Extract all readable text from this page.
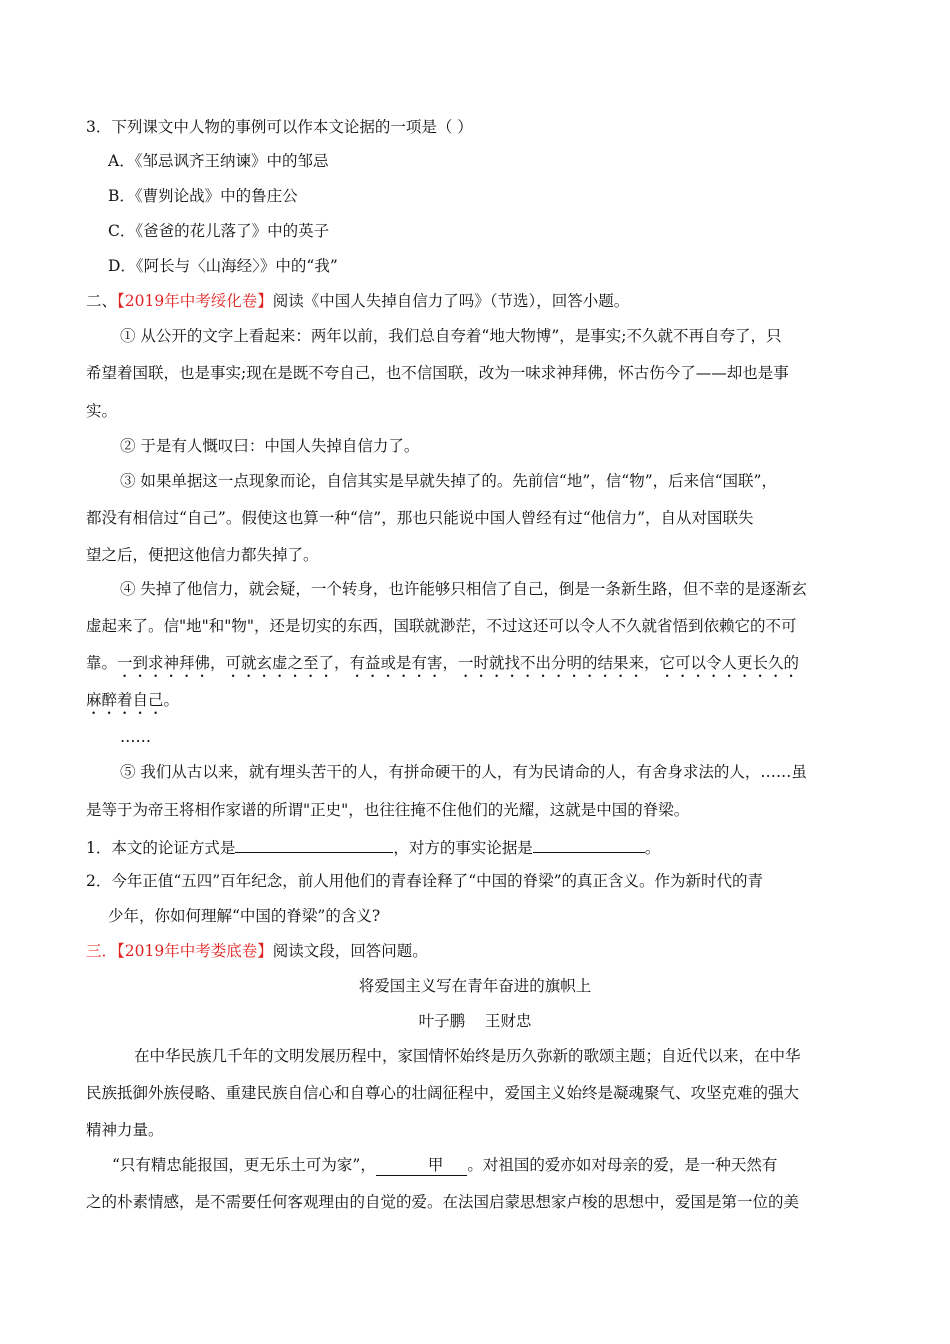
3．下列课文中人物的事例可以作本文论据的一项是（ ）
A．《邹忌讽齐王纳谏》中的邹忌
B．《曹刿论战》中的鲁庄公
C．《爸爸的花儿落了》中的英子
D．《阿长与〈山海经〉》中的“我”
二、【2019年中考绥化卷】阅读《中国人失掉自信力了吗》（节选），回答小题。
① 从公开的文字上看起来：两年以前，我们总自夸着“地大物博”，是事实;不久就不再自夸了，只
希望着国联，也是事实;现在是既不夸自己，也不信国联，改为一味求神拜佛，怀古伤今了——却也是事
实。
② 于是有人慨叹曰：中国人失掉自信力了。
③ 如果单据这一点现象而论，自信其实是早就失掉了的。先前信“地”，信“物”，后来信“国联”，
都没有相信过“自己”。假使这也算一种“信”，那也只能说中国人曾经有过“他信力”，自从对国联失
望之后，便把这他信力都失掉了。
④ 失掉了他信力，就会疑，一个转身，也许能够只相信了自己，倒是一条新生路，但不幸的是逐渐玄
虚起来了。信"地"和"物"，还是切实的东西，国联就渺茫，不过这还可以令人不久就省悟到依赖它的不可
靠。一到求神拜佛，可就玄虚之至了，有益或是有害，一时就找不出分明的结果来，它可以令人更长久的
麻醉着自己。
……
⑤ 我们从古以来，就有埋头苦干的人，有拼命硬干的人，有为民请命的人，有舍身求法的人，……虽
是等于为帝王将相作家谱的所谓"正史"，也往往掩不住他们的光耀，这就是中国的脊梁。
1．本文的论证方式是	，对方的事实论据是	。
2．今年正值“五四”百年纪念，前人用他们的青春诠释了“中国的脊梁”的真正含义。作为新时代的青
少年，你如何理解“中国的脊梁”的含义?
三．【2019年中考娄底卷】阅读文段，回答问题。
将爱国主义写在青年奋进的旗帜上
叶子鹏    王财忠
在中华民族几千年的文明发展历程中，家国情怀始终是历久弥新的歌颂主题；自近代以来，在中华
民族抵御外族侵略、重建民族自信心和自尊心的壮阔征程中，爱国主义始终是凝魂聚气、攻坚克难的强大
精神力量。
“只有精忠能报国，更无乐土可为家”，	甲 。对祖国的爱亦如对母亲的爱，是一种天然有
之的朴素情感，是不需要任何客观理由的自觉的爱。在法国启蒙思想家卢梭的思想中，爱国是第一位的美
